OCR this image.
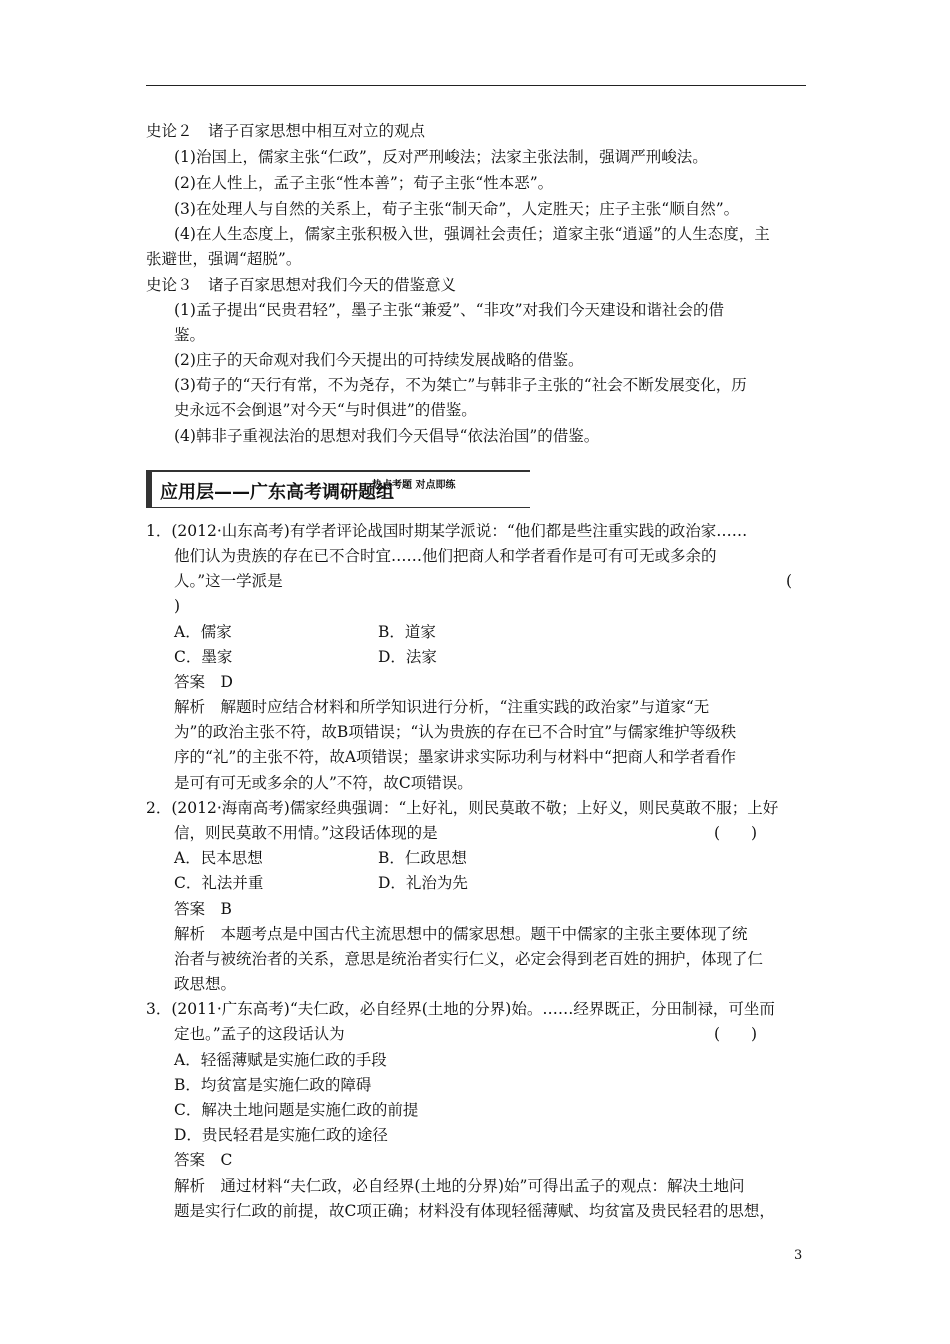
史论２　诸子百家思想中相互对立的观点
(1)治国上，儒家主张“仁政”，反对严刑峻法；法家主张法制，强调严刑峻法。
(2)在人性上，孟子主张“性本善”；荀子主张“性本恶”。
(3)在处理人与自然的关系上，荀子主张“制天命”，人定胜天；庄子主张“顺自然”。
(4)在人生态度上，儒家主张积极入世，强调社会责任；道家主张“逍遥”的人生态度，主
张避世，强调“超脱”。
史论３　诸子百家思想对我们今天的借鉴意义
(1)孟子提出“民贵君轻”，墨子主张“兼爱”、“非攻”对我们今天建设和谐社会的借
鉴。
(2)庄子的天命观对我们今天提出的可持续发展战略的借鉴。
(3)荀子的“天行有常，不为尧存，不为桀亡”与韩非子主张的“社会不断发展变化，历
史永远不会倒退”对今天“与时俱进”的借鉴。
(4)韩非子重视法治的思想对我们今天倡导“依法治国”的借鉴。
应用层——广东高考调研题组
热点考题 对点即练
1．(2012·山东高考)有学者评论战国时期某学派说：“他们都是些注重实践的政治家……
他们认为贵族的存在已不合时宜……他们把商人和学者看作是可有可无或多余的
人。”这一学派是	(
)
A．儒家	B．道家
C．墨家	D．法家
答案　D
解析　解题时应结合材料和所学知识进行分析，“注重实践的政治家”与道家“无
为”的政治主张不符，故B项错误；“认为贵族的存在已不合时宜”与儒家维护等级秩
序的“礼”的主张不符，故A项错误；墨家讲求实际功利与材料中“把商人和学者看作
是可有可无或多余的人”不符，故C项错误。
2．(2012·海南高考)儒家经典强调：“上好礼，则民莫敢不敬；上好义，则民莫敢不服；上好
信，则民莫敢不用情。”这段话体现的是	(　　)
A．民本思想	B．仁政思想
C．礼法并重	D．礼治为先
答案　B
解析　本题考点是中国古代主流思想中的儒家思想。题干中儒家的主张主要体现了统
治者与被统治者的关系，意思是统治者实行仁义，必定会得到老百姓的拥护，体现了仁
政思想。
3．(2011·广东高考)“夫仁政，必自经界(土地的分界)始。……经界既正，分田制禄，可坐而
定也。”孟子的这段话认为	(　　)
A．轻徭薄赋是实施仁政的手段
B．均贫富是实施仁政的障碍
C．解决土地问题是实施仁政的前提
D．贵民轻君是实施仁政的途径
答案　C
解析　通过材料“夫仁政，必自经界(土地的分界)始”可得出孟子的观点：解决土地问
题是实行仁政的前提，故C项正确；材料没有体现轻徭薄赋、均贫富及贵民轻君的思想，
3
